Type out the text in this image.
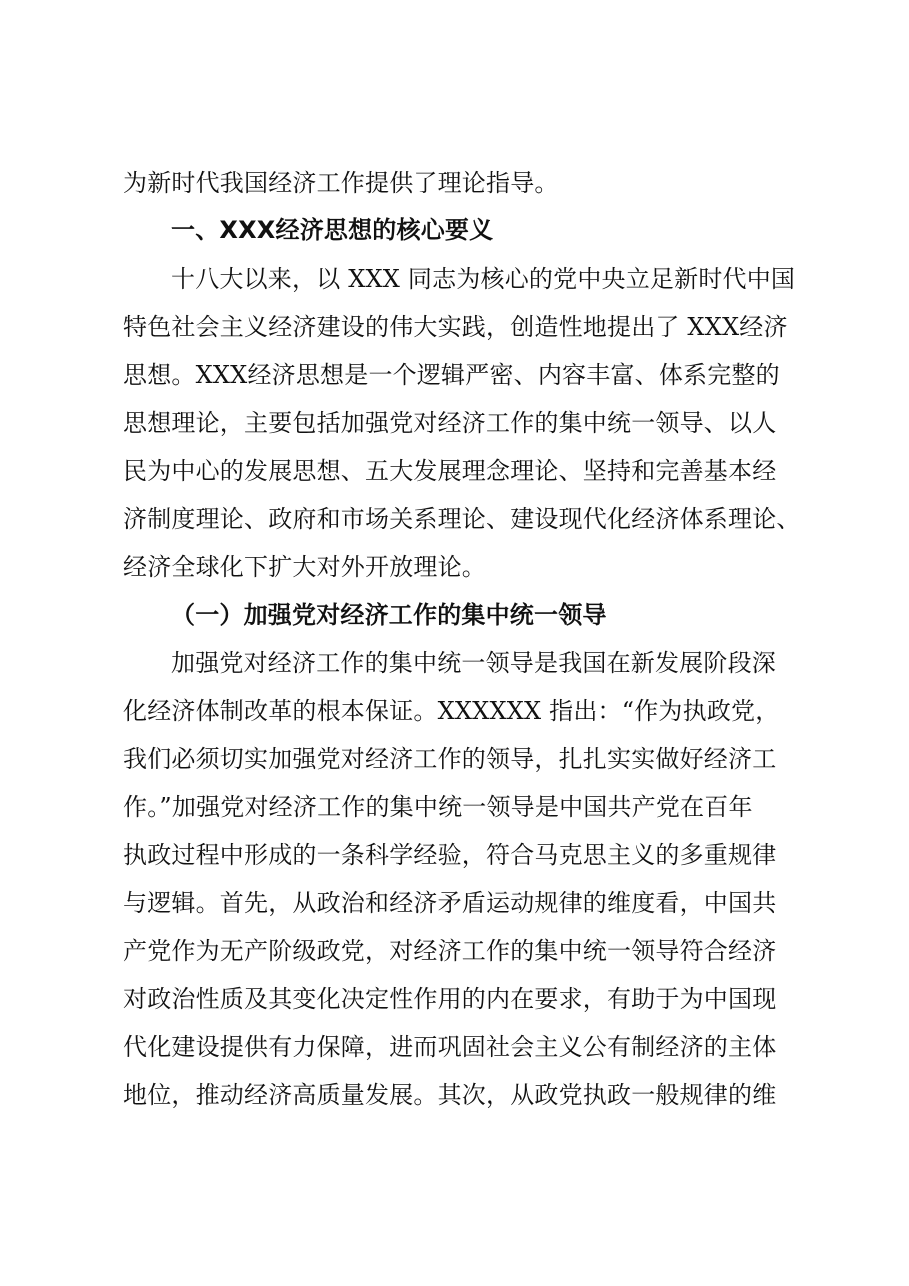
为新时代我国经济工作提供了理论指导。
一、XXX经济思想的核心要义
十八大以来，以 XXX 同志为核心的党中央立足新时代中国
特色社会主义经济建设的伟大实践，创造性地提出了 XXX经济
思想。XXX经济思想是一个逻辑严密、内容丰富、体系完整的
思想理论，主要包括加强党对经济工作的集中统一领导、以人
民为中心的发展思想、五大发展理念理论、坚持和完善基本经
济制度理论、政府和市场关系理论、建设现代化经济体系理论、
经济全球化下扩大对外开放理论。
（一）加强党对经济工作的集中统一领导
加强党对经济工作的集中统一领导是我国在新发展阶段深
化经济体制改革的根本保证。XXXXXX 指出：“作为执政党，
我们必须切实加强党对经济工作的领导，扎扎实实做好经济工
作。”加强党对经济工作的集中统一领导是中国共产党在百年
执政过程中形成的一条科学经验，符合马克思主义的多重规律
与逻辑。首先，从政治和经济矛盾运动规律的维度看，中国共
产党作为无产阶级政党，对经济工作的集中统一领导符合经济
对政治性质及其变化决定性作用的内在要求，有助于为中国现
代化建设提供有力保障，进而巩固社会主义公有制经济的主体
地位，推动经济高质量发展。其次，从政党执政一般规律的维
